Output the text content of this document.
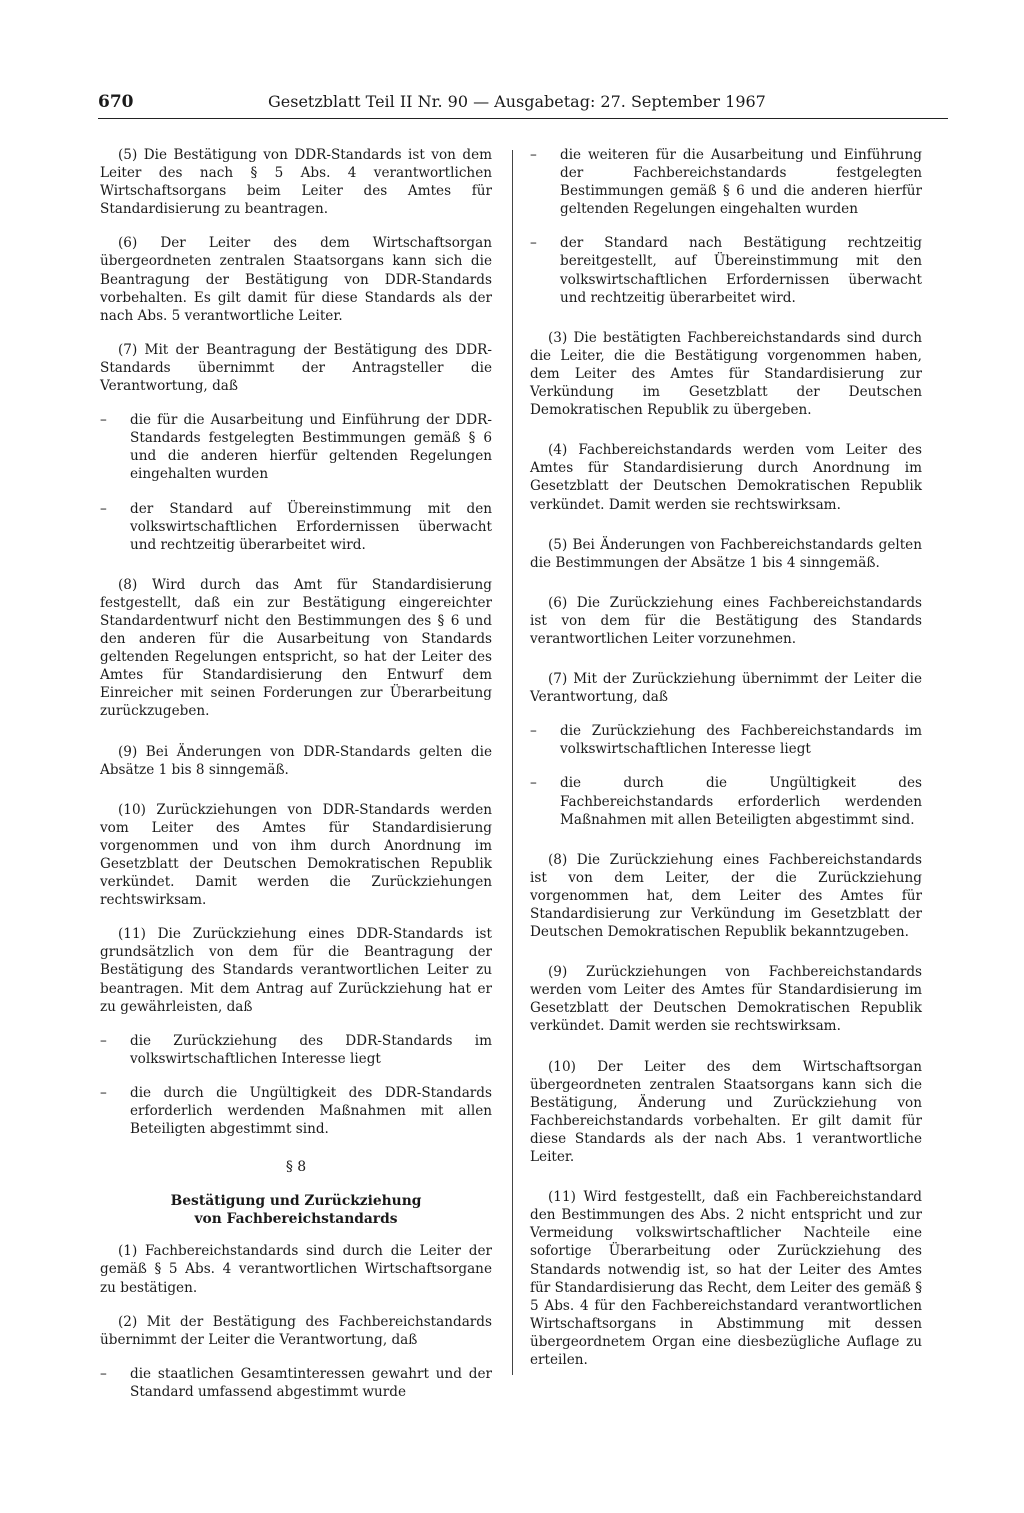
670	Gesetzblatt Teil II Nr. 90 — Ausgabetag: 27. September 1967

(5) Die Bestätigung von DDR-Standards ist von dem Leiter des nach § 5 Abs. 4 verantwortlichen Wirtschaftsorgans beim Leiter des Amtes für Standardisierung zu beantragen.

(6) Der Leiter des dem Wirtschaftsorgan übergeordneten zentralen Staatsorgans kann sich die Beantragung der Bestätigung von DDR-Standards vorbehalten. Es gilt damit für diese Standards als der nach Abs. 5 verantwortliche Leiter.

(7) Mit der Beantragung der Bestätigung des DDR-Standards übernimmt der Antragsteller die Verantwortung, daß

– die für die Ausarbeitung und Einführung der DDR-Standards festgelegten Bestimmungen gemäß § 6 und die anderen hierfür geltenden Regelungen eingehalten wurden

– der Standard auf Übereinstimmung mit den volkswirtschaftlichen Erfordernissen überwacht und rechtzeitig überarbeitet wird.

(8) Wird durch das Amt für Standardisierung festgestellt, daß ein zur Bestätigung eingereichter Standardentwurf nicht den Bestimmungen des § 6 und den anderen für die Ausarbeitung von Standards geltenden Regelungen entspricht, so hat der Leiter des Amtes für Standardisierung den Entwurf dem Einreicher mit seinen Forderungen zur Überarbeitung zurückzugeben.

(9) Bei Änderungen von DDR-Standards gelten die Absätze 1 bis 8 sinngemäß.

(10) Zurückziehungen von DDR-Standards werden vom Leiter des Amtes für Standardisierung vorgenommen und von ihm durch Anordnung im Gesetzblatt der Deutschen Demokratischen Republik verkündet. Damit werden die Zurückziehungen rechtswirksam.

(11) Die Zurückziehung eines DDR-Standards ist grundsätzlich von dem für die Beantragung der Bestätigung des Standards verantwortlichen Leiter zu beantragen. Mit dem Antrag auf Zurückziehung hat er zu gewährleisten, daß

– die Zurückziehung des DDR-Standards im volkswirtschaftlichen Interesse liegt

– die durch die Ungültigkeit des DDR-Standards erforderlich werdenden Maßnahmen mit allen Beteiligten abgestimmt sind.

§ 8
Bestätigung und Zurückziehung
von Fachbereichstandards

(1) Fachbereichstandards sind durch die Leiter der gemäß § 5 Abs. 4 verantwortlichen Wirtschaftsorgane zu bestätigen.

(2) Mit der Bestätigung des Fachbereichstandards übernimmt der Leiter die Verantwortung, daß

– die staatlichen Gesamtinteressen gewahrt und der Standard umfassend abgestimmt wurde

– die weiteren für die Ausarbeitung und Einführung der Fachbereichstandards festgelegten Bestimmungen gemäß § 6 und die anderen hierfür geltenden Regelungen eingehalten wurden

– der Standard nach Bestätigung rechtzeitig bereitgestellt, auf Übereinstimmung mit den volkswirtschaftlichen Erfordernissen überwacht und rechtzeitig überarbeitet wird.

(3) Die bestätigten Fachbereichstandards sind durch die Leiter, die die Bestätigung vorgenommen haben, dem Leiter des Amtes für Standardisierung zur Verkündung im Gesetzblatt der Deutschen Demokratischen Republik zu übergeben.

(4) Fachbereichstandards werden vom Leiter des Amtes für Standardisierung durch Anordnung im Gesetzblatt der Deutschen Demokratischen Republik verkündet. Damit werden sie rechtswirksam.

(5) Bei Änderungen von Fachbereichstandards gelten die Bestimmungen der Absätze 1 bis 4 sinngemäß.

(6) Die Zurückziehung eines Fachbereichstandards ist von dem für die Bestätigung des Standards verantwortlichen Leiter vorzunehmen.

(7) Mit der Zurückziehung übernimmt der Leiter die Verantwortung, daß

– die Zurückziehung des Fachbereichstandards im volkswirtschaftlichen Interesse liegt

– die durch die Ungültigkeit des Fachbereichstandards erforderlich werdenden Maßnahmen mit allen Beteiligten abgestimmt sind.

(8) Die Zurückziehung eines Fachbereichstandards ist von dem Leiter, der die Zurückziehung vorgenommen hat, dem Leiter des Amtes für Standardisierung zur Verkündung im Gesetzblatt der Deutschen Demokratischen Republik bekanntzugeben.

(9) Zurückziehungen von Fachbereichstandards werden vom Leiter des Amtes für Standardisierung im Gesetzblatt der Deutschen Demokratischen Republik verkündet. Damit werden sie rechtswirksam.

(10) Der Leiter des dem Wirtschaftsorgan übergeordneten zentralen Staatsorgans kann sich die Bestätigung, Änderung und Zurückziehung von Fachbereichstandards vorbehalten. Er gilt damit für diese Standards als der nach Abs. 1 verantwortliche Leiter.

(11) Wird festgestellt, daß ein Fachbereichstandard den Bestimmungen des Abs. 2 nicht entspricht und zur Vermeidung volkswirtschaftlicher Nachteile eine sofortige Überarbeitung oder Zurückziehung des Standards notwendig ist, so hat der Leiter des Amtes für Standardisierung das Recht, dem Leiter des gemäß § 5 Abs. 4 für den Fachbereichstandard verantwortlichen Wirtschaftsorgans in Abstimmung mit dessen übergeordnetem Organ eine diesbezügliche Auflage zu erteilen.
